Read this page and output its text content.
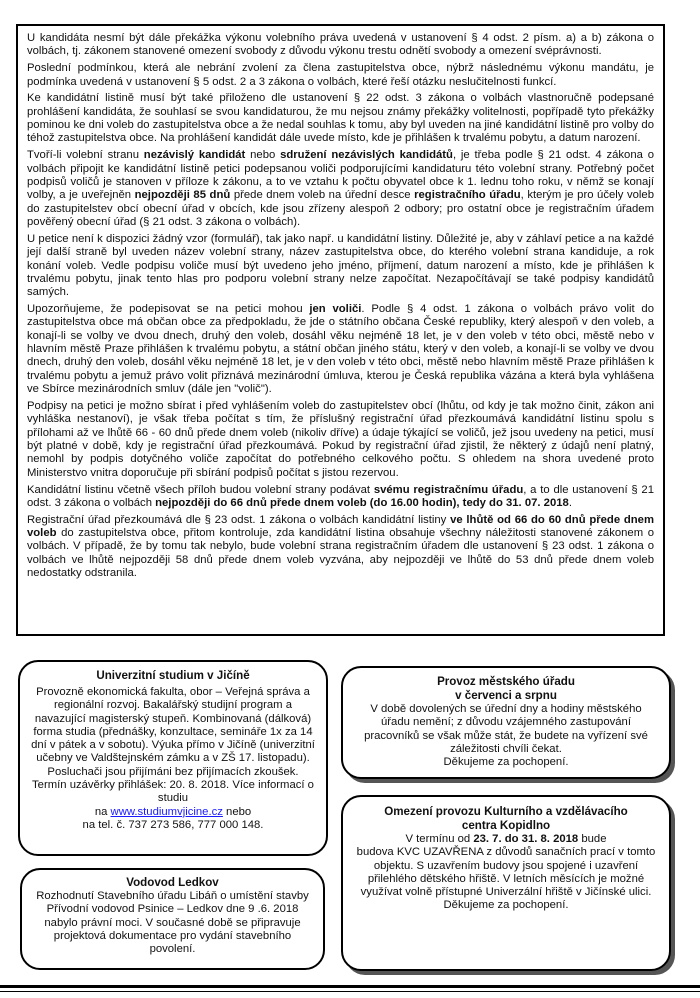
U kandidáta nesmí být dále překážka výkonu volebního práva uvedená v ustanovení § 4 odst. 2 písm. a) a b) zákona o volbách, tj. zákonem stanovené omezení svobody z důvodu výkonu trestu odnětí svobody a omezení svéprávnosti.

Poslední podmínkou, která ale nebrání zvolení za člena zastupitelstva obce, nýbrž následnému výkonu mandátu, je podmínka uvedená v ustanovení § 5 odst. 2 a 3 zákona o volbách, které řeší otázku neslučitelnosti funkcí.

Ke kandidátní listině musí být také přiloženo dle ustanovení § 22 odst. 3 zákona o volbách vlastnoručně podepsané prohlášení kandidáta, že souhlasí se svou kandidaturou, že mu nejsou známy překážky volitelnosti, popřípadě tyto překážky pominou ke dni voleb do zastupitelstva obce a že nedal souhlas k tomu, aby byl uveden na jiné kandidátní listině pro volby do téhož zastupitelstva obce. Na prohlášení kandidát dále uvede místo, kde je přihlášen k trvalému pobytu, a datum narození.

Tvoří-li volební stranu nezávislý kandidát nebo sdružení nezávislých kandidátů, je třeba podle § 21 odst. 4 zákona o volbách připojit ke kandidátní listině petici podepsanou voliči podporujícími kandidaturu této volební strany. Potřebný počet podpisů voličů je stanoven v příloze k zákonu, a to ve vztahu k počtu obyvatel obce k 1. lednu toho roku, v němž se konají volby, a je uveřejněn nejpozději 85 dnů přede dnem voleb na úřední desce registračního úřadu, kterým je pro účely voleb do zastupitelstev obcí obecní úřad v obcích, kde jsou zřízeny alespoň 2 odbory; pro ostatní obce je registračním úřadem pověřený obecní úřad (§ 21 odst. 3 zákona o volbách).

U petice není k dispozici žádný vzor (formulář), tak jako např. u kandidátní listiny. Důležité je, aby v záhlaví petice a na každé její další straně byl uveden název volební strany, název zastupitelstva obce, do kterého volební strana kandiduje, a rok konání voleb. Vedle podpisu voliče musí být uvedeno jeho jméno, příjmení, datum narození a místo, kde je přihlášen k trvalému pobytu, jinak tento hlas pro podporu volební strany nelze započítat. Nezapočítávají se také podpisy kandidátů samých.

Upozorňujeme, že podepisovat se na petici mohou jen voliči. Podle § 4 odst. 1 zákona o volbách právo volit do zastupitelstva obce má občan obce za předpokladu, že jde o státního občana České republiky, který alespoň v den voleb, a konají-li se volby ve dvou dnech, druhý den voleb, dosáhl věku nejméně 18 let, je v den voleb v této obci, městě nebo v hlavním městě Praze přihlášen k trvalému pobytu, a státní občan jiného státu, který v den voleb, a konají-li se volby ve dvou dnech, druhý den voleb, dosáhl věku nejméně 18 let, je v den voleb v této obci, městě nebo hlavním městě Praze přihlášen k trvalému pobytu a jemuž právo volit přiznává mezinárodní úmluva, kterou je Česká republika vázána a která byla vyhlášena ve Sbírce mezinárodních smluv (dále jen "volič").

Podpisy na petici je možno sbírat i před vyhlášením voleb do zastupitelstev obcí (lhůtu, od kdy je tak možno činit, zákon ani vyhláška nestanoví), je však třeba počítat s tím, že příslušný registrační úřad přezkoumává kandidátní listinu spolu s přílohami až ve lhůtě 66 - 60 dnů přede dnem voleb (nikoliv dříve) a údaje týkající se voličů, jež jsou uvedeny na petici, musí být platné v době, kdy je registrační úřad přezkoumává. Pokud by registrační úřad zjistil, že některý z údajů není platný, nemohl by podpis dotyčného voliče započítat do potřebného celkového počtu. S ohledem na shora uvedené proto Ministerstvo vnitra doporučuje při sbírání podpisů počítat s jistou rezervou.

Kandidátní listinu včetně všech příloh budou volební strany podávat svému registračnímu úřadu, a to dle ustanovení § 21 odst. 3 zákona o volbách nejpozději do 66 dnů přede dnem voleb (do 16.00 hodin), tedy do 31. 07. 2018.

Registrační úřad přezkoumává dle § 23 odst. 1 zákona o volbách kandidátní listiny ve lhůtě od 66 do 60 dnů přede dnem voleb do zastupitelstva obce, přitom kontroluje, zda kandidátní listina obsahuje všechny náležitosti stanovené zákonem o volbách. V případě, že by tomu tak nebylo, bude volební strana registračním úřadem dle ustanovení § 23 odst. 1 zákona o volbách ve lhůtě nejpozději 58 dnů přede dnem voleb vyzvána, aby nejpozději ve lhůtě do 53 dnů přede dnem voleb nedostatky odstranila.

Univerzitní studium v Jičíně

Provozně ekonomická fakulta, obor – Veřejná správa a regionální rozvoj. Bakalářský studijní program a navazující magisterský stupeň. Kombinovaná (dálková) forma studia (přednášky, konzultace, semináře 1x za 14 dní v pátek a v sobotu). Výuka přímo v Jičíně (univerzitní učebny ve Valdštejnském zámku a v ZŠ 17. listopadu). Posluchači jsou přijímáni bez přijímacích zkoušek. Termín uzávěrky přihlášek: 20. 8. 2018. Více informací o studiu

na www.studiumvjicine.cz nebo

na tel. č. 737 273 586, 777 000 148.

Provoz městského úřadu
v červenci a srpnu

V době dovolených se úřední dny a hodiny městského úřadu nemění; z důvodu vzájemného zastupování pracovníků se však může stát, že budete na vyřízení své záležitosti chvíli čekat.

Děkujeme za pochopení.

Vodovod Ledkov

Rozhodnutí Stavebního úřadu Libáň o umístění stavby Přívodní vodovod Psinice – Ledkov dne 9 .6. 2018 nabylo právní moci. V současné době se připravuje projektová dokumentace pro vydání stavebního povolení.

Omezení provozu Kulturního a vzdělávacího
centra Kopidlno

V termínu od 23. 7. do 31. 8. 2018 bude

budova KVC UZAVŘENA z důvodů sanačních prací v tomto objektu. S uzavřením budovy jsou spojené i uzavření přilehlého dětského hřiště. V letních měsících je možné využívat volně přístupné Univerzální hřiště v Jičínské ulici.

Děkujeme za pochopení.
